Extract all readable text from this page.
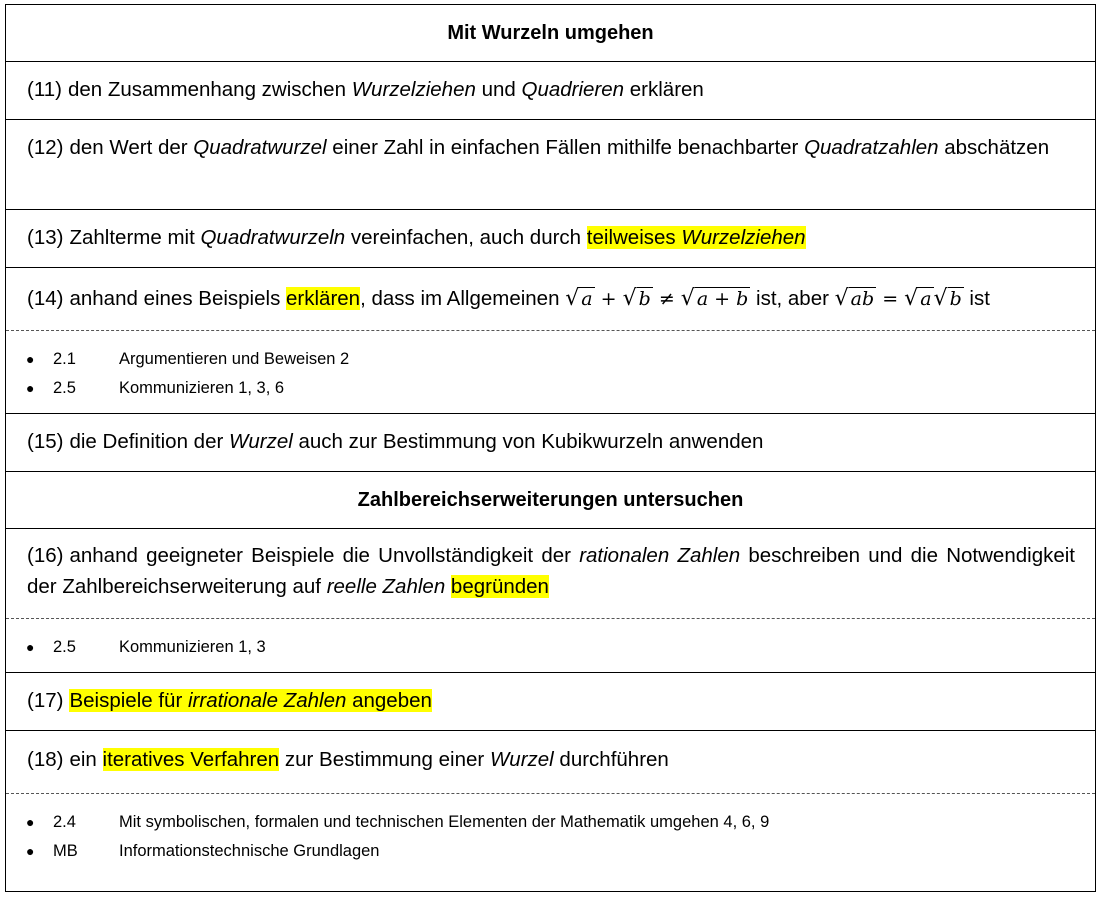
Mit Wurzeln umgehen
(11) den Zusammenhang zwischen Wurzelziehen und Quadrieren erklären
(12) den Wert der Quadratwurzel einer Zahl in einfachen Fällen mithilfe benachbarter Quadratzahlen abschätzen
(13) Zahlterme mit Quadratwurzeln vereinfachen, auch durch teilweises Wurzelziehen
(14) anhand eines Beispiels erklären, dass im Allgemeinen √ a + √ b ≠ √ a + b ist, aber √ ab = √ a√ b ist
● 2.1	Argumentieren und Beweisen 2
● 2.5	Kommunizieren 1, 3, 6
(15) die Definition der Wurzel auch zur Bestimmung von Kubikwurzeln anwenden
Zahlbereichserweiterungen untersuchen
(16) anhand geeigneter Beispiele die Unvollständigkeit der rationalen Zahlen beschreiben und die Notwendigkeit der Zahlbereichserweiterung auf reelle Zahlen begründen
● 2.5	Kommunizieren 1, 3
(17) Beispiele für irrationale Zahlen angeben
(18) ein iteratives Verfahren zur Bestimmung einer Wurzel durchführen
● 2.4	Mit symbolischen, formalen und technischen Elementen der Mathematik umgehen 4, 6, 9
● MB	Informationstechnische Grundlagen
